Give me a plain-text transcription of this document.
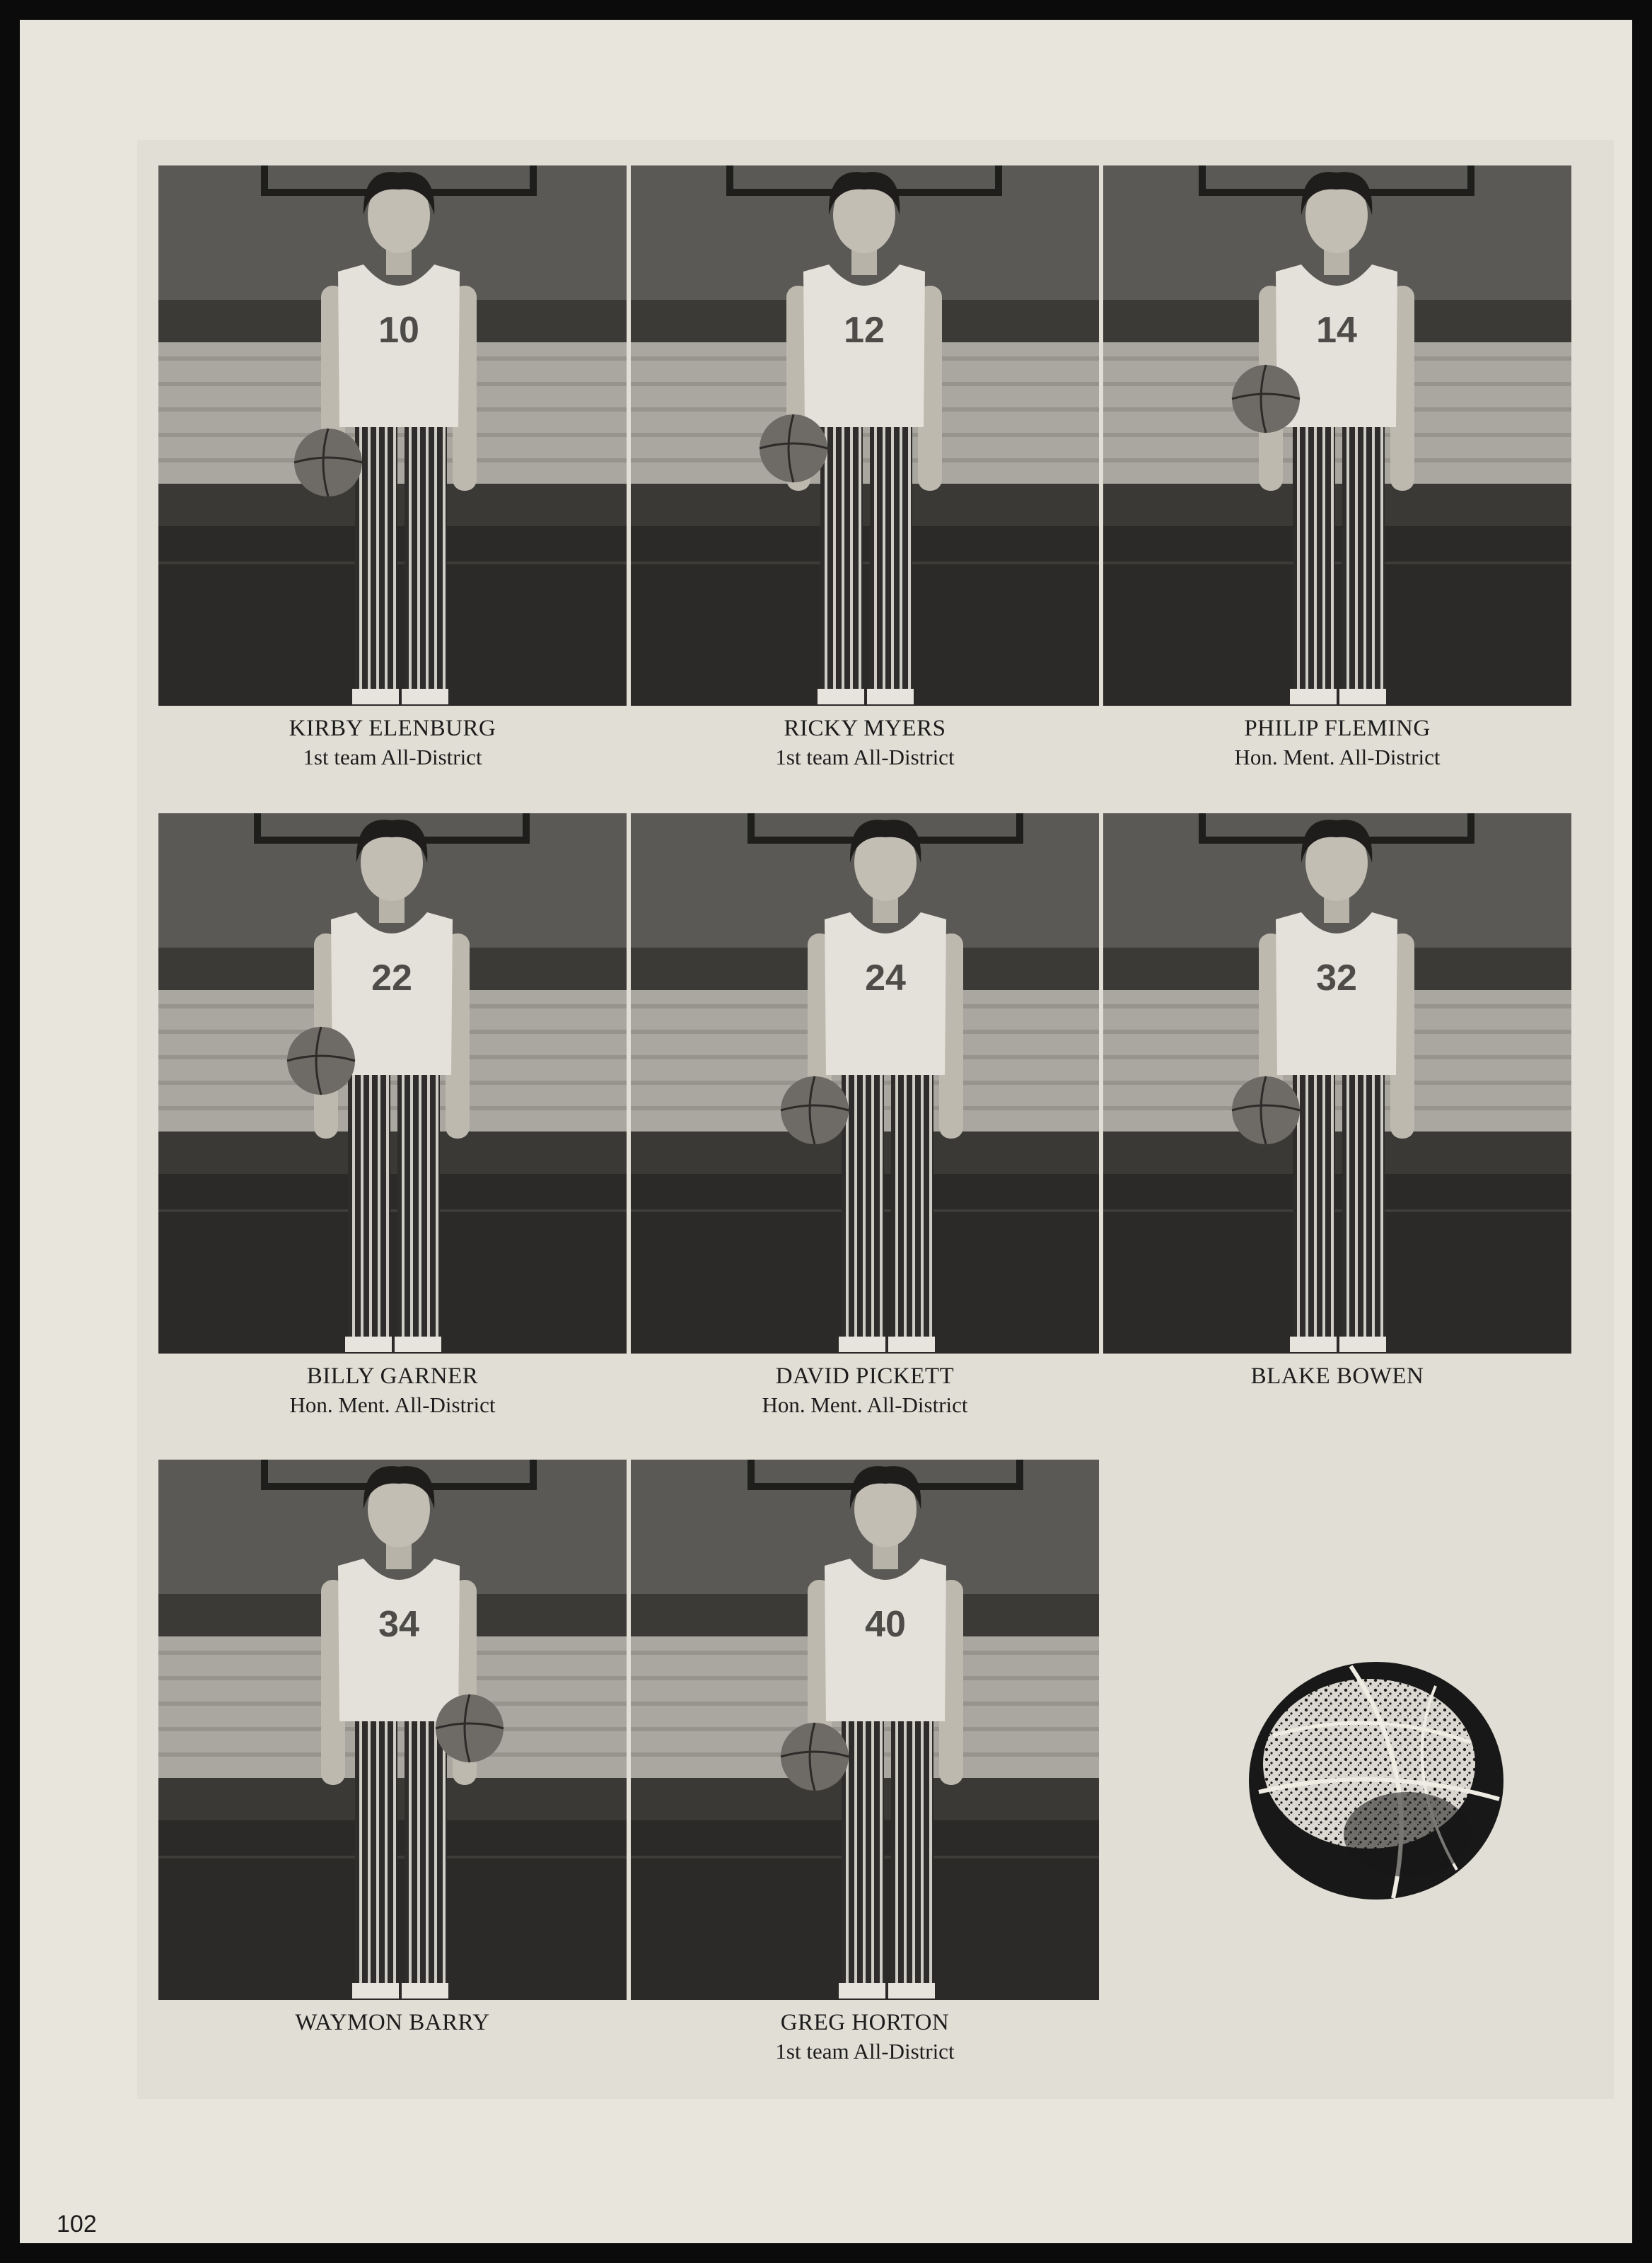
10
KIRBY ELENBURG
1st team All-District
12
RICKY MYERS
1st team All-District
14
PHILIP FLEMING
Hon. Ment. All-District
22
BILLY GARNER
Hon. Ment. All-District
24
DAVID PICKETT
Hon. Ment. All-District
32
BLAKE BOWEN
34
WAYMON BARRY
40
GREG HORTON
1st team All-District
102
